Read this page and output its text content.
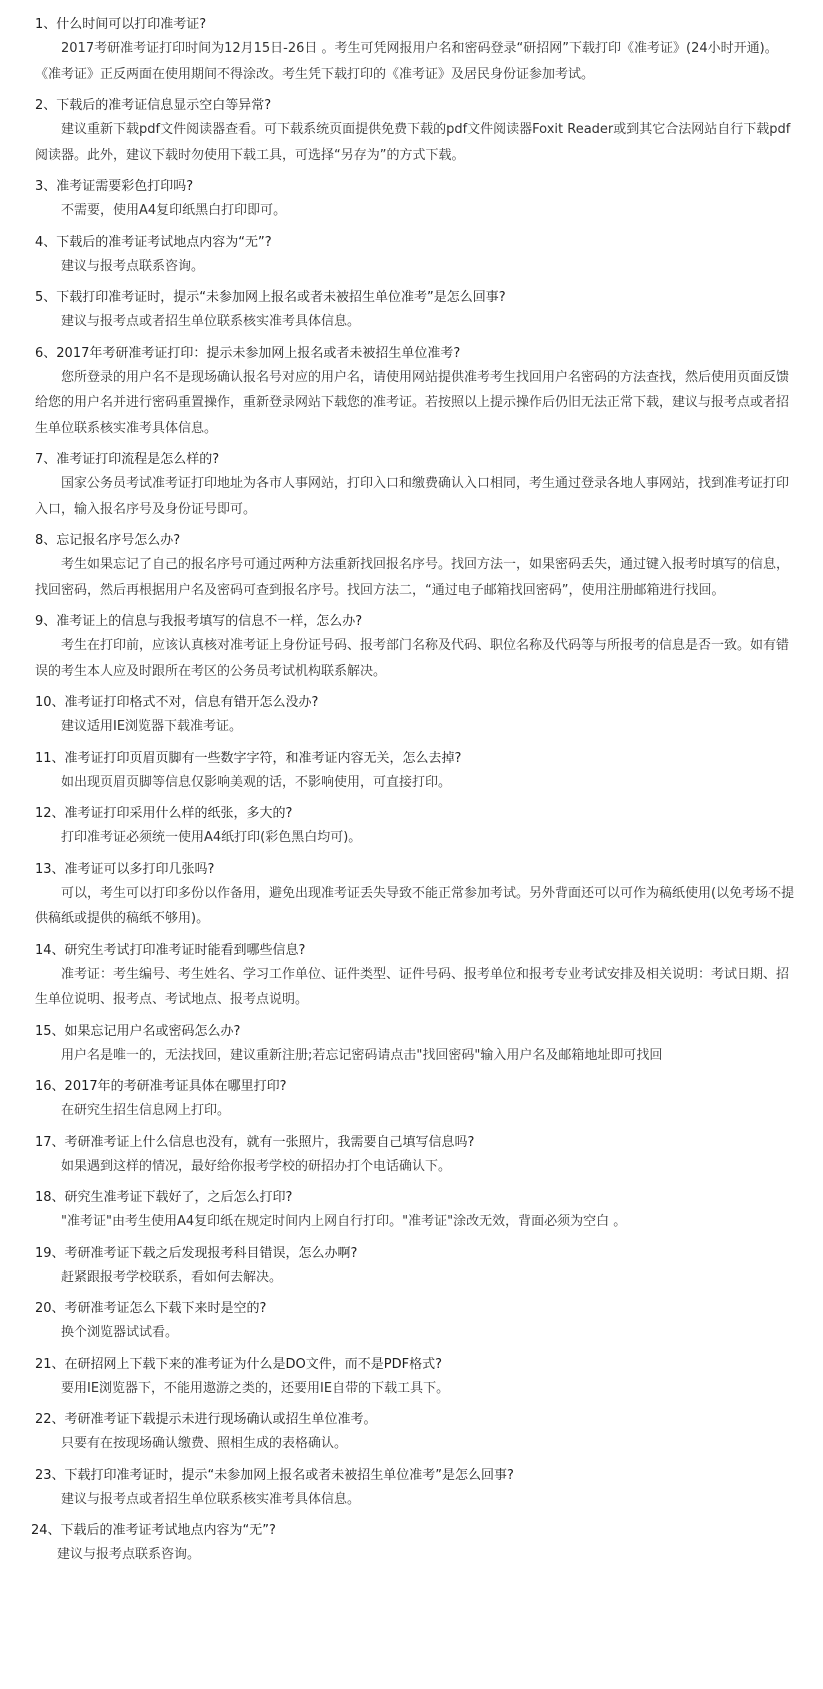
1、什么时间可以打印准考证?

2017考研准考证打印时间为12月15日-26日 。考生可凭网报用户名和密码登录“研招网”下载打印《准考证》(24小时开通)。《准考证》正反两面在使用期间不得涂改。考生凭下载打印的《准考证》及居民身份证参加考试。

2、下载后的准考证信息显示空白等异常?

建议重新下载pdf文件阅读器查看。可下载系统页面提供免费下载的pdf文件阅读器Foxit Reader或到其它合法网站自行下载pdf阅读器。此外，建议下载时勿使用下载工具，可选择“另存为”的方式下载。

3、准考证需要彩色打印吗?

不需要，使用A4复印纸黑白打印即可。

4、下载后的准考证考试地点内容为“无”?

建议与报考点联系咨询。

5、下载打印准考证时，提示“未参加网上报名或者未被招生单位准考”是怎么回事?

建议与报考点或者招生单位联系核实准考具体信息。

6、2017年考研准考证打印：提示未参加网上报名或者未被招生单位准考?

您所登录的用户名不是现场确认报名号对应的用户名，请使用网站提供准考考生找回用户名密码的方法查找，然后使用页面反馈给您的用户名并进行密码重置操作，重新登录网站下载您的准考证。若按照以上提示操作后仍旧无法正常下载，建议与报考点或者招生单位联系核实准考具体信息。

7、准考证打印流程是怎么样的?

国家公务员考试准考证打印地址为各市人事网站，打印入口和缴费确认入口相同，考生通过登录各地人事网站，找到准考证打印入口，输入报名序号及身份证号即可。

8、忘记报名序号怎么办?

考生如果忘记了自己的报名序号可通过两种方法重新找回报名序号。找回方法一，如果密码丢失，通过键入报考时填写的信息，找回密码，然后再根据用户名及密码可查到报名序号。找回方法二，“通过电子邮箱找回密码”，使用注册邮箱进行找回。

9、准考证上的信息与我报考填写的信息不一样，怎么办?

考生在打印前，应该认真核对准考证上身份证号码、报考部门名称及代码、职位名称及代码等与所报考的信息是否一致。如有错误的考生本人应及时跟所在考区的公务员考试机构联系解决。

10、准考证打印格式不对，信息有错开怎么没办?

建议适用IE浏览器下载准考证。

11、准考证打印页眉页脚有一些数字字符，和准考证内容无关，怎么去掉?

如出现页眉页脚等信息仅影响美观的话，不影响使用，可直接打印。

12、准考证打印采用什么样的纸张，多大的?

打印准考证必须统一使用A4纸打印(彩色黑白均可)。

13、准考证可以多打印几张吗?

可以，考生可以打印多份以作备用，避免出现准考证丢失导致不能正常参加考试。另外背面还可以可作为稿纸使用(以免考场不提供稿纸或提供的稿纸不够用)。

14、研究生考试打印准考证时能看到哪些信息?

准考证：考生编号、考生姓名、学习工作单位、证件类型、证件号码、报考单位和报考专业考试安排及相关说明：考试日期、招生单位说明、报考点、考试地点、报考点说明。

15、如果忘记用户名或密码怎么办?

用户名是唯一的，无法找回，建议重新注册;若忘记密码请点击"找回密码"输入用户名及邮箱地址即可找回

16、2017年的考研准考证具体在哪里打印?

在研究生招生信息网上打印。

17、考研准考证上什么信息也没有，就有一张照片，我需要自己填写信息吗?

如果遇到这样的情况，最好给你报考学校的研招办打个电话确认下。

18、研究生准考证下载好了，之后怎么打印?

"准考证"由考生使用A4复印纸在规定时间内上网自行打印。"准考证"涂改无效，背面必须为空白 。

19、考研准考证下载之后发现报考科目错误，怎么办啊?

赶紧跟报考学校联系，看如何去解决。

20、考研准考证怎么下载下来时是空的?

换个浏览器试试看。

21、在研招网上下载下来的准考证为什么是DO文件，而不是PDF格式?

要用IE浏览器下，不能用遨游之类的，还要用IE自带的下载工具下。

22、考研准考证下载提示未进行现场确认或招生单位准考。

只要有在按现场确认缴费、照相生成的表格确认。

23、下载打印准考证时，提示“未参加网上报名或者未被招生单位准考”是怎么回事?

建议与报考点或者招生单位联系核实准考具体信息。

24、下载后的准考证考试地点内容为“无”?

建议与报考点联系咨询。
